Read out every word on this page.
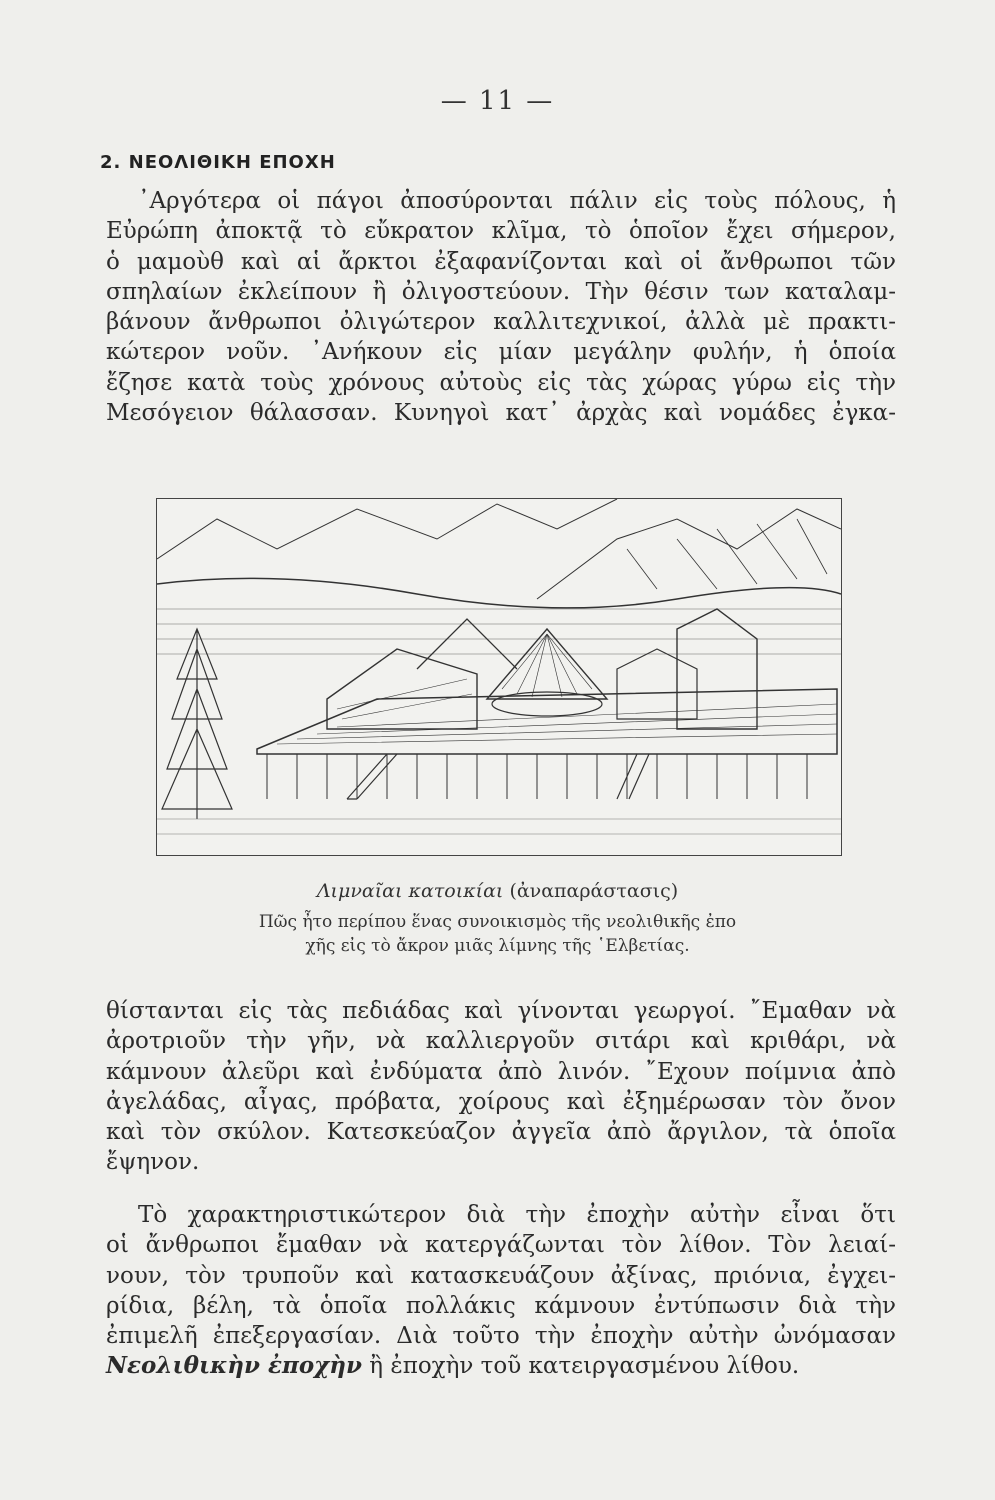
— 11 —
2. ΝΕΟΛΙΘΙΚΗ ΕΠΟΧΗ
᾿Αργότερα οἱ πάγοι ἀποσύρονται πάλιν εἰς τοὺς πόλους, ἡ
Εὐρώπη ἀποκτᾷ τὸ εὔκρατον κλῖμα, τὸ ὁποῖον ἔχει σήμερον,
ὁ μαμοὺθ καὶ αἱ ἄρκτοι ἐξαφανίζονται καὶ οἱ ἄνθρωποι τῶν
σπηλαίων ἐκλείπουν ἢ ὀλιγοστεύουν. Τὴν θέσιν των καταλαμ-
βάνουν ἄνθρωποι ὀλιγώτερον καλλιτεχνικοί, ἀλλὰ μὲ πρακτι-
κώτερον νοῦν. ᾿Ανήκουν εἰς μίαν μεγάλην φυλήν, ἡ ὁποία
ἔζησε κατὰ τοὺς χρόνους αὐτοὺς εἰς τὰς χώρας γύρω εἰς τὴν
Μεσόγειον θάλασσαν. Κυνηγοὶ κατ᾿ ἀρχὰς καὶ νομάδες ἐγκα-
Λιμναῖαι κατοικίαι (ἀναπαράστασις)
Πῶς ἦτο περίπου ἕνας συνοικισμὸς τῆς νεολιθικῆς ἐπο
χῆς εἰς τὸ ἄκρον μιᾶς λίμνης τῆς ῾Ελβετίας.
θίστανται εἰς τὰς πεδιάδας καὶ γίνονται γεωργοί. ῎Εμαθαν νὰ
ἀροτριοῦν τὴν γῆν, νὰ καλλιεργοῦν σιτάρι καὶ κριθάρι, νὰ
κάμνουν ἀλεῦρι καὶ ἐνδύματα ἀπὸ λινόν. ῎Εχουν ποίμνια ἀπὸ
ἀγελάδας, αἶγας, πρόβατα, χοίρους καὶ ἐξημέρωσαν τὸν ὄνον
καὶ τὸν σκύλον. Κατεσκεύαζον ἀγγεῖα ἀπὸ ἄργιλον, τὰ ὁποῖα
ἔψηνον.
Τὸ χαρακτηριστικώτερον διὰ τὴν ἐποχὴν αὐτὴν εἶναι ὅτι
οἱ ἄνθρωποι ἔμαθαν νὰ κατεργάζωνται τὸν λίθον. Τὸν λειαί-
νουν, τὸν τρυποῦν καὶ κατασκευάζουν ἀξίνας, πριόνια, ἐγχει-
ρίδια, βέλη, τὰ ὁποῖα πολλάκις κάμνουν ἐντύπωσιν διὰ τὴν
ἐπιμελῆ ἐπεξεργασίαν. Διὰ τοῦτο τὴν ἐποχὴν αὐτὴν ὠνόμασαν
Νεολιθικὴν ἐποχὴν ἢ ἐποχὴν τοῦ κατειργασμένου λίθου.
